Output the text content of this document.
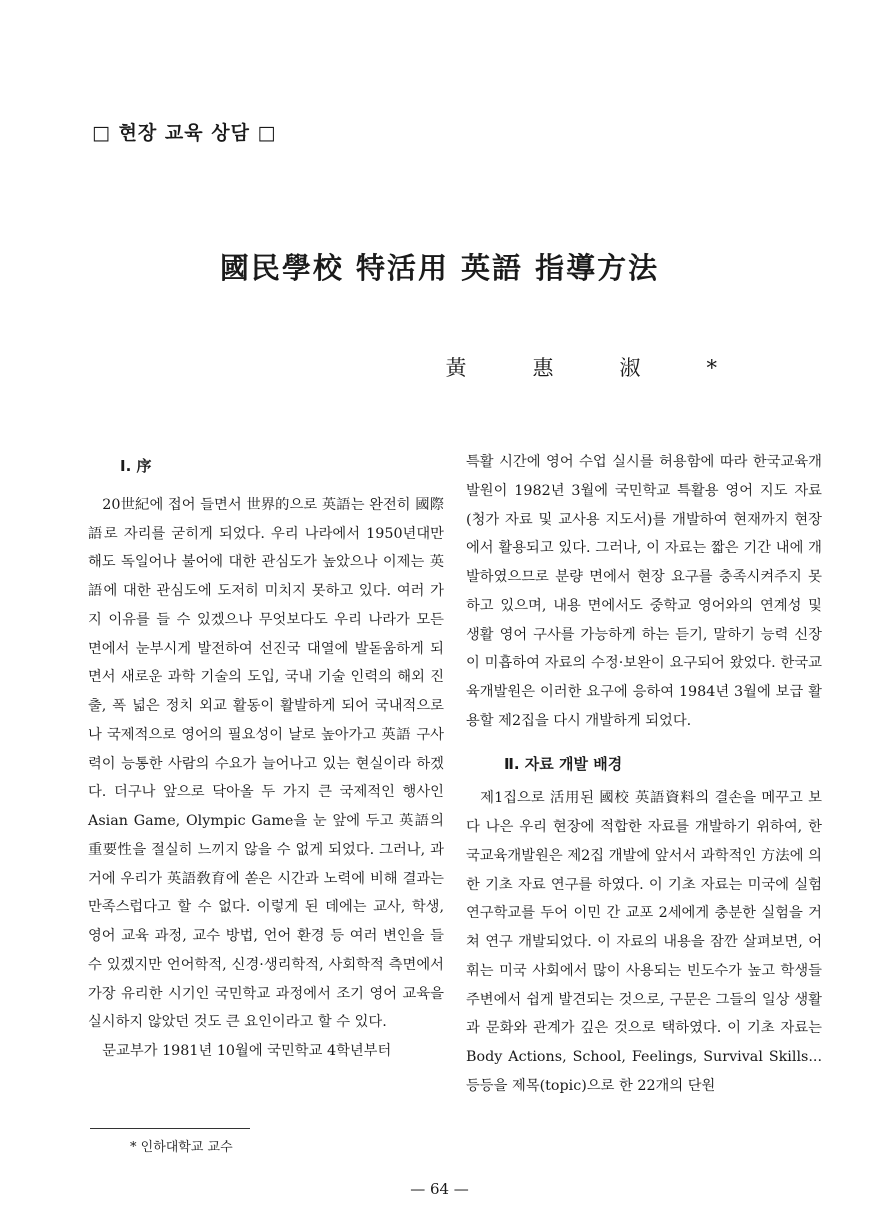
□ 현장 교육 상담 □
國民學校 特活用 英語 指導方法
黃惠淑*
I. 序

20世紀에 접어 들면서 世界的으로 英語는 완전히 國際語로 자리를 굳히게 되었다. 우리 나라에서 1950년대만 해도 독일어나 불어에 대한 관심도가 높았으나 이제는 英語에 대한 관심도에 도저히 미치지 못하고 있다. 여러 가지 이유를 들 수 있겠으나 무엇보다도 우리 나라가 모든 면에서 눈부시게 발전하여 선진국 대열에 발돋움하게 되면서 새로운 과학 기술의 도입, 국내 기술 인력의 해외 진출, 폭 넓은 정치 외교 활동이 활발하게 되어 국내적으로나 국제적으로 영어의 필요성이 날로 높아가고 英語 구사력이 능통한 사람의 수요가 늘어나고 있는 현실이라 하겠다. 더구나 앞으로 닥아올 두 가지 큰 국제적인 행사인 Asian Game, Olympic Game을 눈 앞에 두고 英語의 重要性을 절실히 느끼지 않을 수 없게 되었다. 그러나, 과거에 우리가 英語敎育에 쏟은 시간과 노력에 비해 결과는 만족스럽다고 할 수 없다. 이렇게 된 데에는 교사, 학생, 영어 교육 과정, 교수 방법, 언어 환경 등 여러 변인을 들 수 있겠지만 언어학적, 신경·생리학적, 사회학적 측면에서 가장 유리한 시기인 국민학교 과정에서 조기 영어 교육을 실시하지 않았던 것도 큰 요인이라고 할 수 있다.

문교부가 1981년 10월에 국민학교 4학년부터

특활 시간에 영어 수업 실시를 허용함에 따라 한국교육개발원이 1982년 3월에 국민학교 특활용 영어 지도 자료(청가 자료 및 교사용 지도서)를 개발하여 현재까지 현장에서 활용되고 있다. 그러나, 이 자료는 짧은 기간 내에 개발하였으므로 분량 면에서 현장 요구를 충족시켜주지 못하고 있으며, 내용 면에서도 중학교 영어와의 연계성 및 생활 영어 구사를 가능하게 하는 듣기, 말하기 능력 신장이 미흡하여 자료의 수정·보완이 요구되어 왔었다. 한국교육개발원은 이러한 요구에 응하여 1984년 3월에 보급 활용할 제2집을 다시 개발하게 되었다.

Ⅱ. 자료 개발 배경

제1집으로 活用된 國校 英語資料의 결손을 메꾸고 보다 나은 우리 현장에 적합한 자료를 개발하기 위하여, 한국교육개발원은 제2집 개발에 앞서서 과학적인 方法에 의한 기초 자료 연구를 하였다. 이 기초 자료는 미국에 실험 연구학교를 두어 이민 간 교포 2세에게 충분한 실험을 거쳐 연구 개발되었다. 이 자료의 내용을 잠깐 살펴보면, 어휘는 미국 사회에서 많이 사용되는 빈도수가 높고 학생들 주변에서 쉽게 발견되는 것으로, 구문은 그들의 일상 생활과 문화와 관계가 깊은 것으로 택하였다. 이 기초 자료는 Body Actions, School, Feelings, Survival Skills... 등등을 제목(topic)으로 한 22개의 단원

* 인하대학교 교수
— 64 —
